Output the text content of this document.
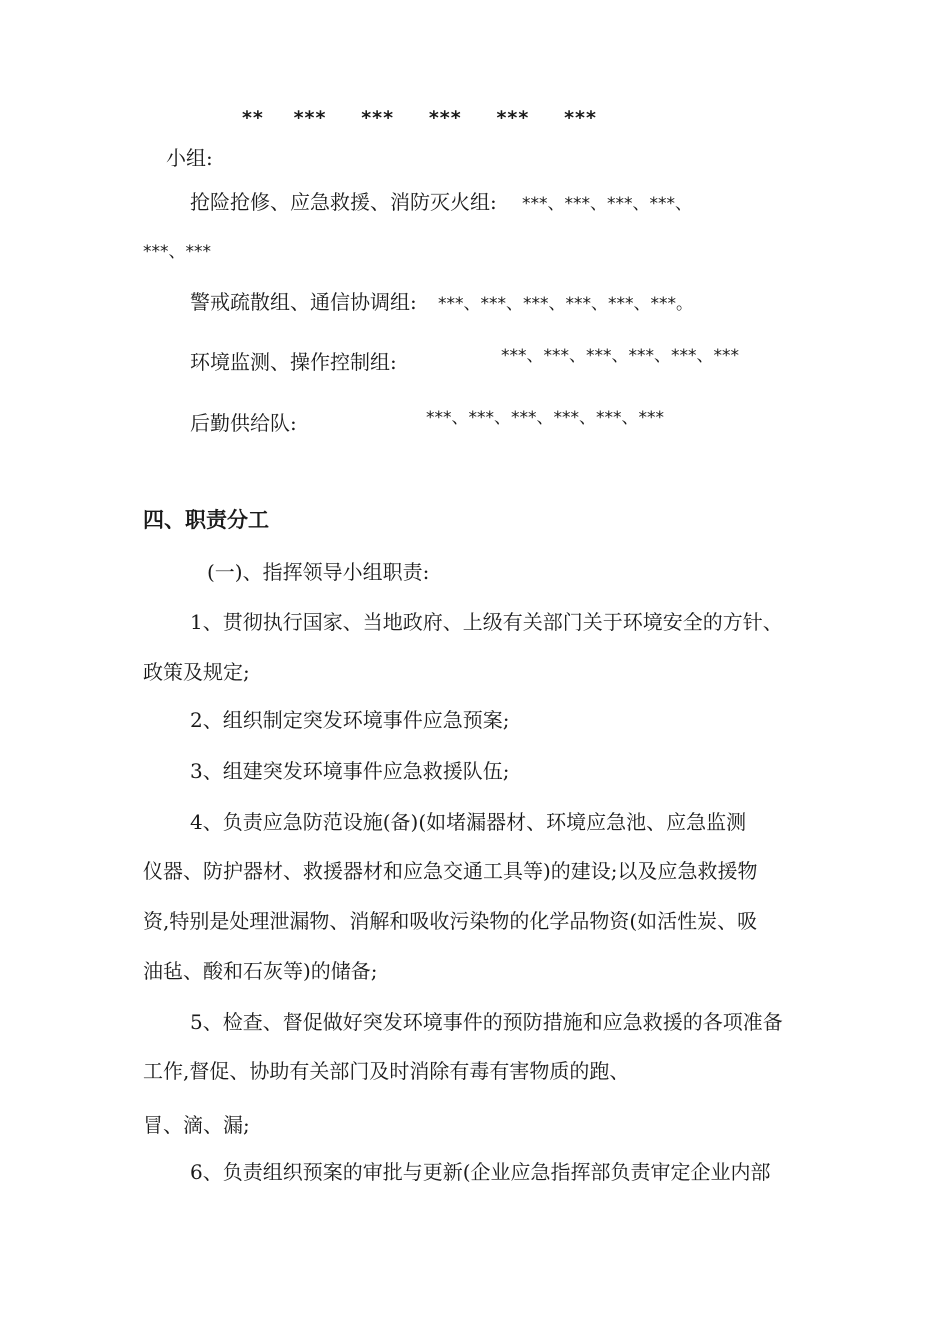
** *** *** *** *** ***
小组:
抢险抢修、应急救援、消防灭火组: ***、***、***、***、
***、***
警戒疏散组、通信协调组: ***、***、***、***、***、***。
环境监测、操作控制组:	***、***、***、***、***、***
后勤供给队:	***、***、***、***、***、***
四、职责分工
(一)、指挥领导小组职责:
1、贯彻执行国家、当地政府、上级有关部门关于环境安全的方针、
政策及规定;
2、组织制定突发环境事件应急预案;
3、组建突发环境事件应急救援队伍;
4、负责应急防范设施(备)(如堵漏器材、环境应急池、应急监测
仪器、防护器材、救援器材和应急交通工具等)的建设;以及应急救援物
资,特别是处理泄漏物、消解和吸收污染物的化学品物资(如活性炭、吸
油毡、酸和石灰等)的储备;
5、检查、督促做好突发环境事件的预防措施和应急救援的各项准备
工作,督促、协助有关部门及时消除有毒有害物质的跑、
冒、滴、漏;
6、负责组织预案的审批与更新(企业应急指挥部负责审定企业内部
